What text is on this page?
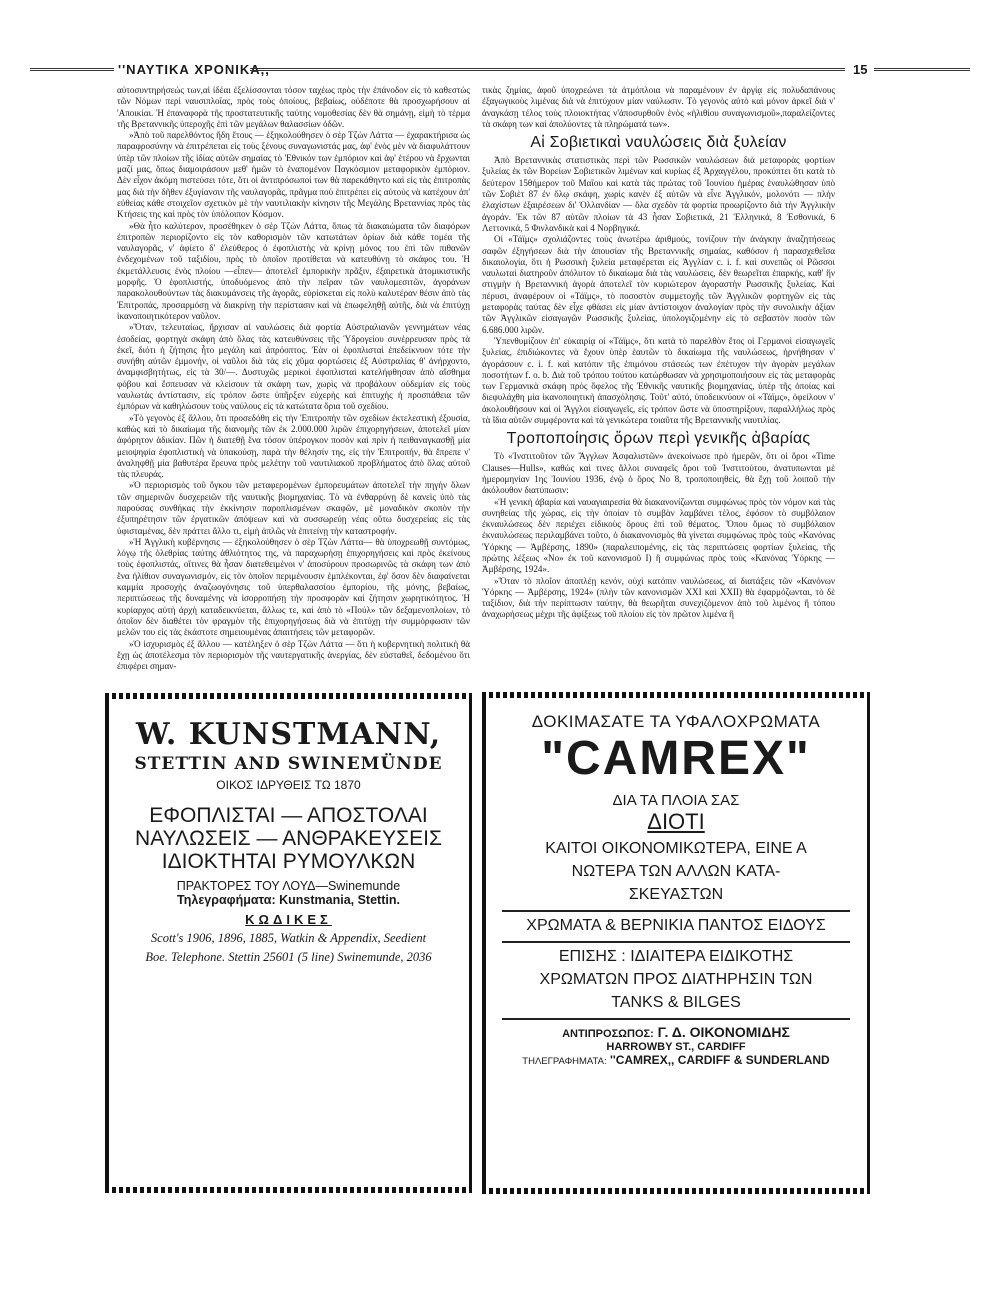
''ΝΑΥΤΙΚΑ ΧΡΟΝΙΚΑ,,	15

αὐτοσυντηρήσεώς των,αἱ ἰδέαι ἐξελίσσονται τόσον ταχέως πρὸς τὴν ἐπάνοδον εἰς τὸ καθεστὼς τῶν Νόμων περὶ ναυσιπλοΐας, πρὸς τοὺς ὁποίους, βεβαίως, οὐδέποτε θὰ προσχωρήσουν αἱ 'Αποικίαι. Ἡ ἐπαναφορὰ τῆς προστατευτικῆς ταύτης νομοθεσίας δὲν θὰ σημάνῃ, εἰμὴ τὸ τέρμα τῆς Βρεταννικῆς ὑπεροχῆς ἐπὶ τῶν μεγάλων θαλασσίων ὁδῶν.

»Ἀπὸ τοῦ παρελθόντος ἤδη ἔτους — ἐξηκολούθησεν ὁ σὲρ Τζὼν Λάττα — ἐχαρακτήρισα ὡς παραφροσύνην νὰ ἐπιτρέπεται εἰς τοὺς ξένους συναγωνιστάς μας, ἀφ' ἑνὸς μὲν νὰ διαφυλάττουν ὑπὲρ τῶν πλοίων τῆς ἰδίας αὐτῶν σημαίας τὸ 'Εθνικόν των ἐμπόριον καὶ ἀφ' ἑτέρου νὰ ἔρχωνται μαζί μας, ὅπως διαμοιράσουν μεθ' ἡμῶν τὸ ἐναπομένον Παγκόσμιον μεταφορικὸν ἐμπόριον. Δὲν εἶχον ἀκόμη πιστεύσει τότε, ὅτι οἱ ἀντιπρόσωποί των θὰ παρεκάθηντο καὶ εἰς τὰς ἐπιτροπὰς μας διὰ τὴν δῆθεν ἐξυγίανσιν τῆς ναυλαγορᾶς, πρᾶγμα ποὺ ἐπιτρέπει εἰς αὐτοὺς νὰ κατέχουν ἀπ' εὐθείας κάθε στοιχεῖον σχετικὸν μὲ τὴν ναυτιλιακὴν κίνησιν τῆς Μεγάλης Βρεταννίας πρὸς τὰς Κτήσεις της καὶ πρὸς τὸν ὑπόλοιπον Κόσμον.

»Θὰ ἦτο καλύτερον, προσέθηκεν ὁ σὲρ Τζὼν Λάττα, ὅπως τὰ διακαιώματα τῶν διαφόρων ἐπιτροπῶν περιορίζοντο εἰς τὸν καθορισμὸν τῶν κατωτάτων ὁρίων διὰ κάθε τομέα τῆς ναυλαγορᾶς, ν' ἀφίετο δ' ἐλεύθερος ὁ ἐφοπλιστὴς νὰ κρίνῃ μόνος του ἐπὶ τῶν πιθανῶν ἐνδεχομένων τοῦ ταξιδίου, πρὸς τὸ ὁποῖον προτίθεται νὰ κατευθύνῃ τὸ σκάφος του. Ἡ ἐκμετάλλευσις ἑνὸς πλοίου —εἶπεν— ἀποτελεῖ ἐμπορικὴν πρᾶξιν, ἐξαιρετικὰ ἀτομικιστικῆς μορφῆς. Ὁ ἐφοπλιστής, ὑποδυόμενος ἀπὸ τὴν πεῖραν τῶν ναυλομεσιτῶν, ἀγοράνων παρακολουθούντων τὰς διακυμάνσεις τῆς ἀγορᾶς, εὑρίσκεται εἰς πολὺ καλυτέραν θέσιν ἀπὸ τὰς Ἐπιτροπάς, προσαρμόσῃ νὰ διακρίνῃ τὴν περίστασιν καὶ νὰ ἐπωφεληθῇ αὐτῆς, διὰ νὰ ἐπιτύχῃ ἱκανοποιητικότερον ναῦλον.

»Ὅταν, τελευταίως, ἤρχισαν αἱ ναυλώσεις διὰ φορτία Αὐστραλιανῶν γεννημάτων νέας ἐσοδείας, φορτηγὰ σκάφη ἀπὸ ὅλας τὰς κατευθύνσεις τῆς Ὑδρογείου συνέρρευσαν πρὸς τὰ ἐκεῖ, διότι ἡ ζήτησις ἦτο μεγάλη καὶ ἀπρόοπτος. Ἐὰν οἱ ἐφοπλισταὶ ἐπεδείκνυον τότε τὴν συνήθη αὐτῶν ἐμμονήν, οἱ ναῦλοι διὰ τὰς εἰς χῦμα φορτώσεις ἐξ Αὐστραλίας θ' ἀνήρχοντο, ἀναμφισβητήτως, εἰς τὰ 30/—. Δυστυχῶς μερικοὶ ἐφοπλισταὶ κατελήφθησαν ἀπὸ αἴσθημα φόβου καὶ ἔσπευσαν νὰ κλείσουν τὰ σκάφη των, χωρὶς νὰ προβάλουν οὐδεμίαν εἰς τοὺς ναυλωτὰς ἀντίστασιν, εἰς τρόπον ὥστε ὑπῆρξεν εὐχερὴς καὶ ἐπιτυχὴς ἡ προσπάθεια τῶν ἐμπόρων νὰ καθηλώσουν τοὺς ναύλους εἰς τὰ κατώτατα ὅρια τοῦ σχεδίου.

»Τὸ γεγονὸς ἐξ ἄλλου, ὅτι προσεδόθη εἰς τὴν Ἐπιτροπὴν τῶν σχεδίων ἐκτελεστικὴ ἐξουσία, καθὼς καὶ τὸ δικαίωμα τῆς διανομῆς τῶν ἐκ 2.000.000 λιρῶν ἐπιχορηγήσεων, ἀποτελεῖ μίαν ἀφόρητον ἀδικίαν. Πῶν ἡ διατεθῇ ἕνα τόσον ὑπέρογκον ποσὸν καὶ πρὶν ἡ πειθαναγκασθῇ μία μειοψηφία ἐφοπλιστικὴ νὰ ὑπακούσῃ, παρὰ τὴν θέλησίν της, εἰς τὴν Ἐπιτροπήν, θὰ ἔπρεπε ν' ἀναληφθῇ μία βαθυτέρα ἔρευνα πρὸς μελέτην τοῦ ναυτιλιακοῦ προβλήματος ἀπὸ ὅλας αὐτοῦ τὰς πλευράς.

»Ὁ περιορισμὸς τοῦ ὄγκου τῶν μεταφερομένων ἐμπορευμάτων ἀποτελεῖ τὴν πηγὴν ὅλων τῶν σημερινῶν δυσχερειῶν τῆς ναυτικῆς βιομηχανίας. Τὸ νὰ ἐνθαρρύνῃ δὲ κανεὶς ὑπὸ τὰς παρούσας συνθήκας τὴν ἐκκίνησιν παροπλισμένων σκαφῶν, μὲ μοναδικὸν σκοπὸν τὴν ἐξυπηρέτησιν τῶν ἐργατικῶν ἀπόψεων καὶ νὰ συσσωρεύῃ νέας οὕτω δυσχερείας εἰς τὰς ὑφισταμένας, δὲν πράττει ἄλλο τι, εἰμὴ ἀπλῶς νὰ ἐπιτείνῃ τὴν καταστροφήν.

»Ἡ Ἀγγλικὴ κυβέρνησις — ἐξηκολούθησεν ὁ σὲρ Τζὼν Λάττα— θὰ ὑποχρεωθῇ συντόμως, λόγῳ τῆς ὀλεθρίας ταύτης ἀθλιότητος της, νὰ παραχωρήσῃ ἐπιχορηγήσεις καὶ πρὸς ἐκείνους τοὺς ἐφοπλιστάς, οἵτινες θὰ ἦσαν διατεθειμένοι ν' ἀποσύρουν προσωρινῶς τὰ σκάφη των ἀπὸ ἕνα ἠλίθιον συναγωνισμόν, εἰς τὸν ὁποῖον περιμένουσιν ἐμπλέκονται, ἐφ' ὅσον δὲν διαφαίνεται καμμία προσοχὴς ἀναζωογόνησις τοῦ ὑπερθαλασσίου ἐμπορίου, τῆς μόνης, βεβαίως, περιπτώσεως τῆς δυναμένης νὰ ἰσορροπήσῃ τὴν προσφορὰν καὶ ζήτησιν χωρητικότητος. Ἡ κυρίαρχος αὐτὴ ἀρχὴ καταδεικνύεται, ἄλλως τε, καὶ ἀπὸ τὸ «Πούλ» τῶν δεξαμενοπλοίων, τὸ ὁποῖον δὲν διαθέτει τὸν φραγμὸν τῆς ἐπιχορηγήσεως διὰ νὰ ἐπιτύχῃ τὴν συμμόρφωσιν τῶν μελῶν του εἰς τὰς ἑκάστοτε σημειουμένας ἀπαιτήσεις τῶν μεταφορῶν.

»Ὁ ἰσχυρισμὸς ἐξ ἄλλου — κατέληξεν ὁ σὲρ Τζὼν Λάττα — ὅτι ἡ κυβερνητικὴ πολιτικὴ θὰ ἔχῃ ὡς ἀποτέλεσμα τὸν περιορισμὸν τῆς ναυτεργατικῆς ἀνεργίας, δὲν εὐσταθεῖ, δεδομένου ὅτι ἐπιφέρει σημαν-

τικὰς ζημίας, ἀφοῦ ὑποχρεώνει τὰ ἀτμόπλοια νὰ παραμένουν ἐν ἀργίᾳ εἰς πολυδαπάνους ἐξαγωγικοὺς λιμένας διὰ νὰ ἐπιτύχουν μίαν ναύλωσιν. Τὸ γεγονὸς αὐτὸ καὶ μόνον ἀρκεῖ διὰ ν' ἀναγκάσῃ τέλος τοὺς πλοιοκτήτας ν'ἀποσυρθοῦν ἑνὸς «ἠλιθίου συναγωνισμοῦ»,παραλείζοντες τὰ σκάφη των καὶ ἀπολύοντες τὰ πληρώματά των».

Αἱ Σοβιετικαὶ ναυλώσεις διὰ ξυλείαν

Ἀπὸ Βρεταννικὰς στατιστικὰς περὶ τῶν Ρωσσικῶν ναυλώσεων διὰ μεταφορὰς φορτίων ξυλείας ἐκ τῶν Βορείων Σοβιετικῶν λιμένων καὶ κυρίως ἐξ Ἀρχαγγέλου, προκύπτει ὅτι κατὰ τὸ δεύτερον 15θήμερον τοῦ Μαΐου καὶ κατὰ τὰς πρώτας τοῦ Ἰουνίου ἡμέρας ἐναυλώθησαν ὑπὸ τῶν Σοβιὲτ 87 ἐν ὅλῳ σκάφη, χωρὶς κανὲν ἐξ αὐτῶν νὰ εἶνε Ἀγγλικόν, μολονότι — πλὴν ἐλαχίστων ἐξαιρέσεων δι' Ὁλλανδίαν — ὅλα σχεδὸν τὰ φορτία προωρίζοντο διὰ τὴν Ἀγγλικὴν ἀγοράν. Ἐκ τῶν 87 αὐτῶν πλοίων τὰ 43 ἦσαν Σοβιετικά, 21 Ἑλληνικά, 8 Ἐσθονικά, 6 Λεττονικά, 5 Φινλανδικὰ καὶ 4 Νορβηγικά.

Οἱ «Τάϊμς» σχολιάζοντες τοὺς ἀνωτέρω ἀριθμούς, τονίζουν τὴν ἀνάγκην ἀναζητήσεως σαφῶν ἐξηγήσεων διὰ τὴν ἀπουσίαν τῆς Βρεταννικῆς σημαίας, καθόσον ἡ παρασχεθεῖσα δικαιολογία, ὅτι ἡ Ρωσσικὴ ξυλεία μεταφέρεται εἰς Ἀγγλίαν c. i. f. καὶ συνεπῶς οἱ Ρῶσσοι ναυλωταὶ διατηροῦν ἀπόλυτον τὸ δικαίωμα διὰ τὰς ναυλώσεις, δὲν θεωρεῖται ἐπαρκής, καθ' ἣν στιγμὴν ἡ Βρεταννικὴ ἀγορὰ ἀποτελεῖ τὸν κυριώτερον ἀγοραστὴν Ρωσσικῆς ξυλείας. Καὶ πέρυσι, ἀναφέρουν οἱ «Τάϊμς», τὸ ποσοστὸν συμμετοχῆς τῶν Ἀγγλικῶν φορτηγῶν εἰς τὰς μεταφορὰς ταύτας δὲν εἶχε φθάσει εἰς μίαν ἀντίστοιχον ἀναλογίαν πρὸς τὴν συνολικὴν ἀξίαν τῶν Ἀγγλικῶν εἰσαγωγῶν Ρωσσικῆς ξυλείας, ὑπολογιζομένην εἰς τὸ σεβαστὸν ποσὸν τῶν 6.686.000 λιρῶν.

Ὑπενθυμίζουν ἐπ' εὐκαιρίᾳ οἱ «Τάϊμς», ὅτι κατὰ τὸ παρελθὸν ἔτος οἱ Γερμανοὶ εἰσαγωγεῖς ξυλείας, ἐπιδιώκοντες νὰ ἔχουν ὑπὲρ ἑαυτῶν τὸ δικαίωμα τῆς ναυλώσεως, ἠρνήθησαν ν' ἀγοράσουν c. i. f. καὶ κατόπιν τῆς ἐπιμόνου στάσεώς των ἐπέτυχον τὴν ἀγορὰν μεγάλων ποσοτήτων f. o. b. Διὰ τοῦ τρόπου τούτου κατώρθωσαν νὰ χρησιμοποιήσουν εἰς τὰς μεταφορὰς των Γερμανικὰ σκάφη πρὸς ὄφελος τῆς Ἐθνικῆς ναυτικῆς βιομηχανίας, ὑπὲρ τῆς ὁποίας καὶ διεφυλάχθη μία ἱκανοποιητικὴ ἀπασχόλησις. Τοῦτ' αὐτό, ὑποδεικνύουν οἱ «Τάϊμς», ὀφείλουν ν' ἀκολουθήσουν καὶ οἱ Ἄγγλοι εἰσαγωγεῖς, εἰς τρόπον ὥστε νὰ ὑποστηρίξουν, παραλλήλως πρὸς τὰ ἴδια αὐτῶν συμφέροντα καὶ τὰ γενικώτερα τοιαῦτα τῆς Βρεταννικῆς ναυτιλίας.

Τροποποίησις ὅρων περὶ γενικῆς ἀβαρίας

Τὸ «Ἰνστιτοῦτον τῶν Ἄγγλων Ἀσφαλιστῶν» ἀνεκοίνωσε πρὸ ἡμερῶν, ὅτι οἱ ὅροι «Time Clauses—Hulls», καθὼς καὶ τινες ἄλλοι συναφεῖς ὅροι τοῦ Ἰνστιτούτου, ἀνατυπωνται μὲ ἡμερομηνίαν 1ης Ἰουνίου 1936, ἐνῷ ὁ ὅρος No 8, τροποποιηθείς, θὰ ἔχῃ τοῦ λοιποῦ τὴν ἀκόλουθον διατύπωσιν:

«Ἡ γενικὴ ἀβαρία καὶ ναυαγιαιρεσία θὰ διακανονίζωνται συμφώνως πρὸς τὸν νόμον καὶ τὰς συνηθείας τῆς χώρας, εἰς τὴν ὁποίαν τὸ συμβὰν λαμβάνει τέλος, ἐφόσον τὸ συμβόλαιον ἐκναυλώσεως δὲν περιέχει εἰδικοὺς ὅρους ἐπὶ τοῦ θέματος. Ὅπου ὅμως τὸ συμβόλαιον ἐκναυλώσεως περιλαμβάνει τοῦτο, ὁ διακανονισμὸς θὰ γίνεται συμφώνως πρὸς τοὺς «Κανόνας Ὑόρκης — Ἀμβέρσης, 1890» (παραλειπομένης, εἰς τὰς περιπτώσεις φορτίων ξυλείας, τῆς πρώτης λέξεως «No» ἐκ τοῦ κανονισμοῦ Ι) ἢ συμφώνως πρὸς τοὺς «Κανόνας Ὑόρκης — Ἀμβέρσης, 1924».

»Ὅταν τὸ πλοῖον ἀποπλέῃ κενόν, οὐχὶ κατόπιν ναυλώσεως, αἱ διατάξεις τῶν «Κανόνων Ὑόρκης — Ἀμβέρσης, 1924» (πλὴν τῶν κανονισμῶν XXI καὶ XXII) θὰ ἐφαρμόζωνται, τὸ δὲ ταξίδιον, διὰ τὴν περίπτωσιν ταύτην, θὰ θεωρῆται συνεχιζόμενον ἀπὸ τοῦ λιμένος ἢ τόπου ἀναχωρήσεως μέχρι τῆς ἀφίξεως τοῦ πλοίου εἰς τὸν πρῶτον λιμένα ἢ

W. KUNSTMANN,
STETTIN AND SWINEMÜNDE
ΟΙΚΟΣ ΙΔΡΥΘΕΙΣ ΤΩ 1870
ΕΦΟΠΛΙΣΤΑΙ — ΑΠΟΣΤΟΛΑΙ
ΝΑΥΛΩΣΕΙΣ — ΑΝΘΡΑΚΕΥΣΕΙΣ
ΙΔΙΟΚΤΗΤΑΙ ΡΥΜΟΥΛΚΩΝ
ΠΡΑΚΤΟΡΕΣ ΤΟΥ ΛΟΥΔ—Swinemunde
Τηλεγραφήματα: Kunstmania, Stettin.
ΚΩΔΙΚΕΣ
Scott's 1906, 1896, 1885, Watkin & Appendix, Seedient
Boe. Telephone. Stettin 25601 (5 line) Swinemunde, 2036
ΔΟΚΙΜΑΣΑΤΕ ΤΑ ΥΦΑΛΟΧΡΩΜΑΤΑ
"CAMREX"
ΔΙΑ ΤΑ ΠΛΟΙΑ ΣΑΣ
ΔΙΟΤΙ
ΚΑΙΤΟΙ ΟΙΚΟΝΟΜΙΚΩΤΕΡΑ, ΕΙΝΕ Α
ΝΩΤΕΡΑ ΤΩΝ ΑΛΛΩΝ ΚΑΤΑ-
ΣΚΕΥΑΣΤΩΝ
ΧΡΩΜΑΤΑ & ΒΕΡΝΙΚΙΑ ΠΑΝΤΟΣ ΕΙΔΟΥΣ
ΕΠΙΣΗΣ : ΙΔΙΑΙΤΕΡΑ ΕΙΔΙΚΟΤΗΣ
ΧΡΩΜΑΤΩΝ ΠΡΟΣ ΔΙΑΤΗΡΗΣΙΝ ΤΩΝ
TANKS & BILGES
ΑΝΤΙΠΡΟΣΩΠΟΣ: Γ. Δ. ΟΙΚΟΝΟΜΙΔΗΣ
HARROWBY ST., CARDIFF
ΤΗΛΕΓΡΑΦΗΜΑΤΑ: ''CAMREX,, CARDIFF & SUNDERLAND
